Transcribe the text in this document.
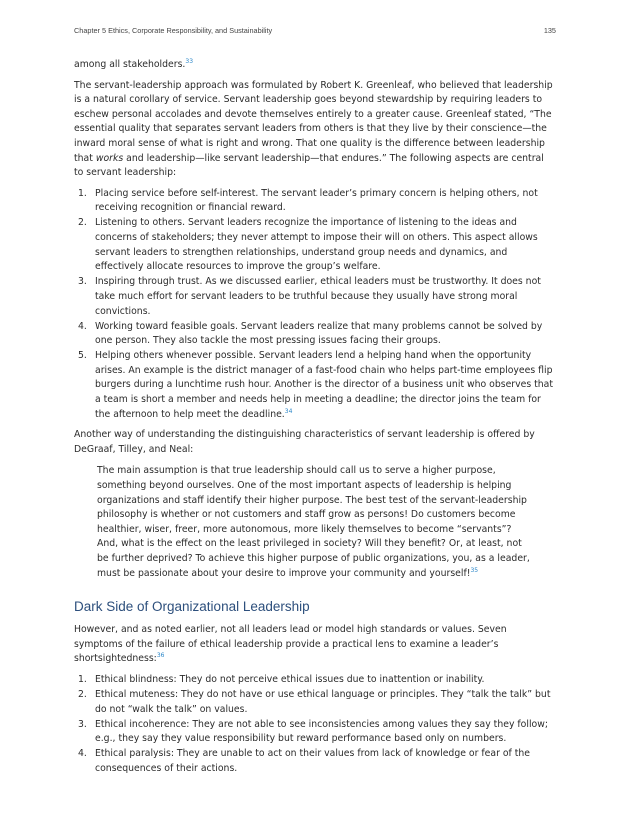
Chapter 5 Ethics, Corporate Responsibility, and Sustainability	135

among all stakeholders.$^{33}$

The servant-leadership approach was formulated by Robert K. Greenleaf, who believed that leadership is a natural corollary of service. Servant leadership goes beyond stewardship by requiring leaders to eschew personal accolades and devote themselves entirely to a greater cause. Greenleaf stated, “The essential quality that separates servant leaders from others is that they live by their conscience—the inward moral sense of what is right and wrong. That one quality is the difference between leadership that works and leadership—like servant leadership—that endures.” The following aspects are central to servant leadership:

1. Placing service before self-interest. The servant leader’s primary concern is helping others, not receiving recognition or financial reward.
2. Listening to others. Servant leaders recognize the importance of listening to the ideas and concerns of stakeholders; they never attempt to impose their will on others. This aspect allows servant leaders to strengthen relationships, understand group needs and dynamics, and effectively allocate resources to improve the group’s welfare.
3. Inspiring through trust. As we discussed earlier, ethical leaders must be trustworthy. It does not take much effort for servant leaders to be truthful because they usually have strong moral convictions.
4. Working toward feasible goals. Servant leaders realize that many problems cannot be solved by one person. They also tackle the most pressing issues facing their groups.
5. Helping others whenever possible. Servant leaders lend a helping hand when the opportunity arises. An example is the district manager of a fast-food chain who helps part-time employees flip burgers during a lunchtime rush hour. Another is the director of a business unit who observes that a team is short a member and needs help in meeting a deadline; the director joins the team for the afternoon to help meet the deadline.$^{34}$

Another way of understanding the distinguishing characteristics of servant leadership is offered by DeGraaf, Tilley, and Neal:

The main assumption is that true leadership should call us to serve a higher purpose, something beyond ourselves. One of the most important aspects of leadership is helping organizations and staff identify their higher purpose. The best test of the servant-leadership philosophy is whether or not customers and staff grow as persons! Do customers become healthier, wiser, freer, more autonomous, more likely themselves to become “servants”? And, what is the effect on the least privileged in society? Will they benefit? Or, at least, not be further deprived? To achieve this higher purpose of public organizations, you, as a leader, must be passionate about your desire to improve your community and yourself!$^{35}$
Dark Side of Organizational Leadership

However, and as noted earlier, not all leaders lead or model high standards or values. Seven symptoms of the failure of ethical leadership provide a practical lens to examine a leader’s shortsightedness:$^{36}$

1. Ethical blindness: They do not perceive ethical issues due to inattention or inability.
2. Ethical muteness: They do not have or use ethical language or principles. They “talk the talk” but do not “walk the talk” on values.
3. Ethical incoherence: They are not able to see inconsistencies among values they say they follow; e.g., they say they value responsibility but reward performance based only on numbers.
4. Ethical paralysis: They are unable to act on their values from lack of knowledge or fear of the consequences of their actions.
